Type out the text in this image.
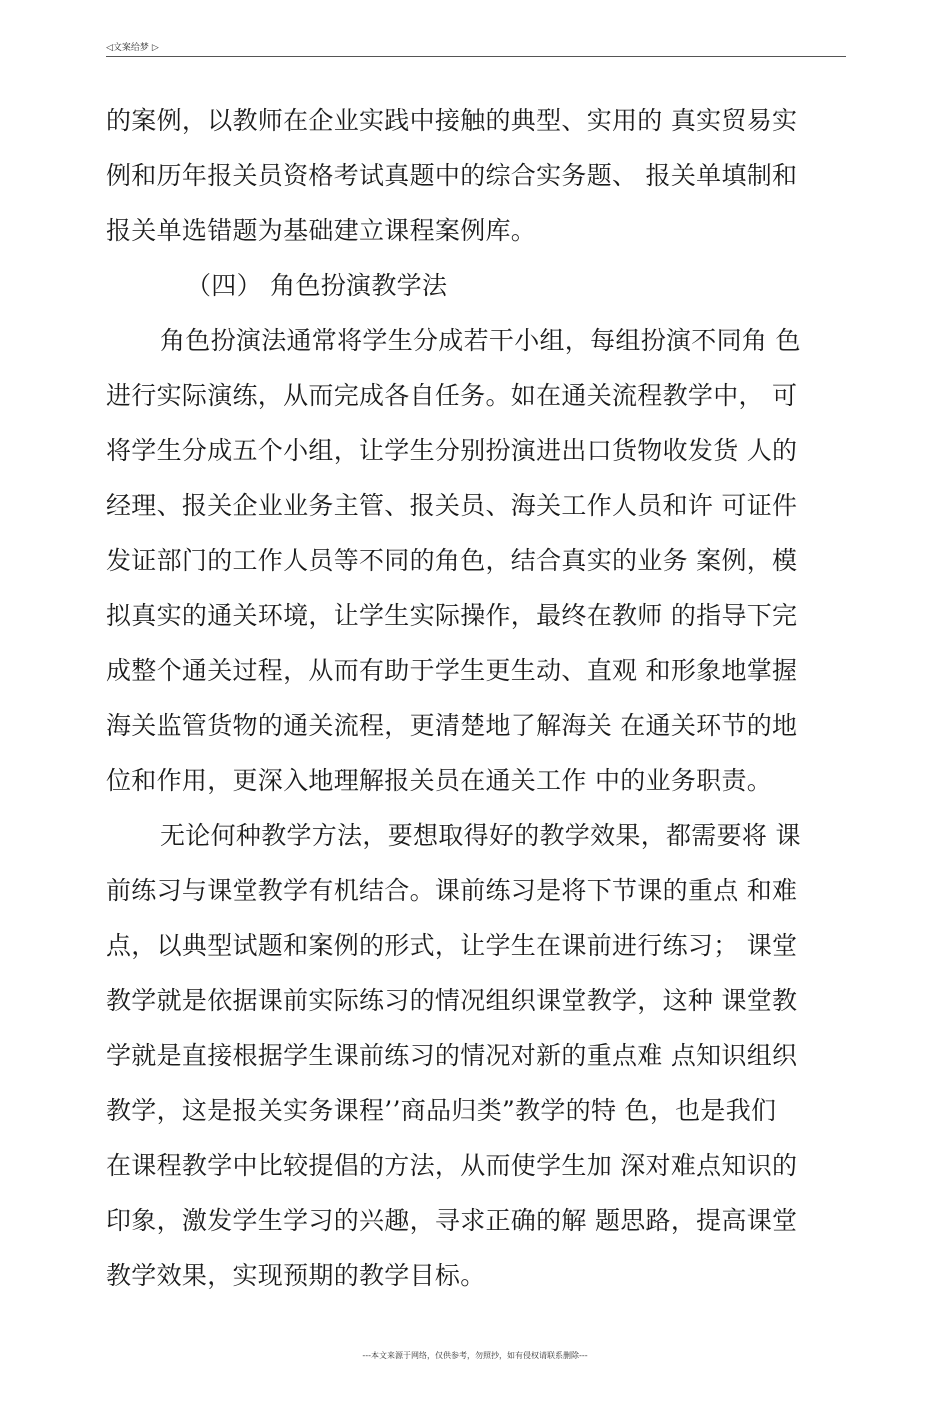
◁文案给梦 ▷
的案例，以教师在企业实践中接触的典型、实用的 真实贸易实
例和历年报关员资格考试真题中的综合实务题、 报关单填制和
报关单选错题为基础建立课程案例库。
（四） 角色扮演教学法
角色扮演法通常将学生分成若干小组，每组扮演不同角 色
进行实际演练，从而完成各自任务。如在通关流程教学中， 可
将学生分成五个小组，让学生分别扮演进出口货物收发货 人的
经理、报关企业业务主管、报关员、海关工作人员和许 可证件
发证部门的工作人员等不同的角色，结合真实的业务 案例，模
拟真实的通关环境，让学生实际操作，最终在教师 的指导下完
成整个通关过程，从而有助于学生更生动、直观 和形象地掌握
海关监管货物的通关流程，更清楚地了解海关 在通关环节的地
位和作用，更深入地理解报关员在通关工作 中的业务职责。
无论何种教学方法，要想取得好的教学效果，都需要将 课
前练习与课堂教学有机结合。课前练习是将下节课的重点 和难
点，以典型试题和案例的形式，让学生在课前进行练习； 课堂
教学就是依据课前实际练习的情况组织课堂教学，这种 课堂教
学就是直接根据学生课前练习的情况对新的重点难 点知识组织
教学，这是报关实务课程’’商品归类”教学的特 色，也是我们
在课程教学中比较提倡的方法，从而使学生加 深对难点知识的
印象，激发学生学习的兴趣，寻求正确的解 题思路，提高课堂
教学效果，实现预期的教学目标。
---本文来源于网络，仅供参考，勿照抄，如有侵权请联系删除---
